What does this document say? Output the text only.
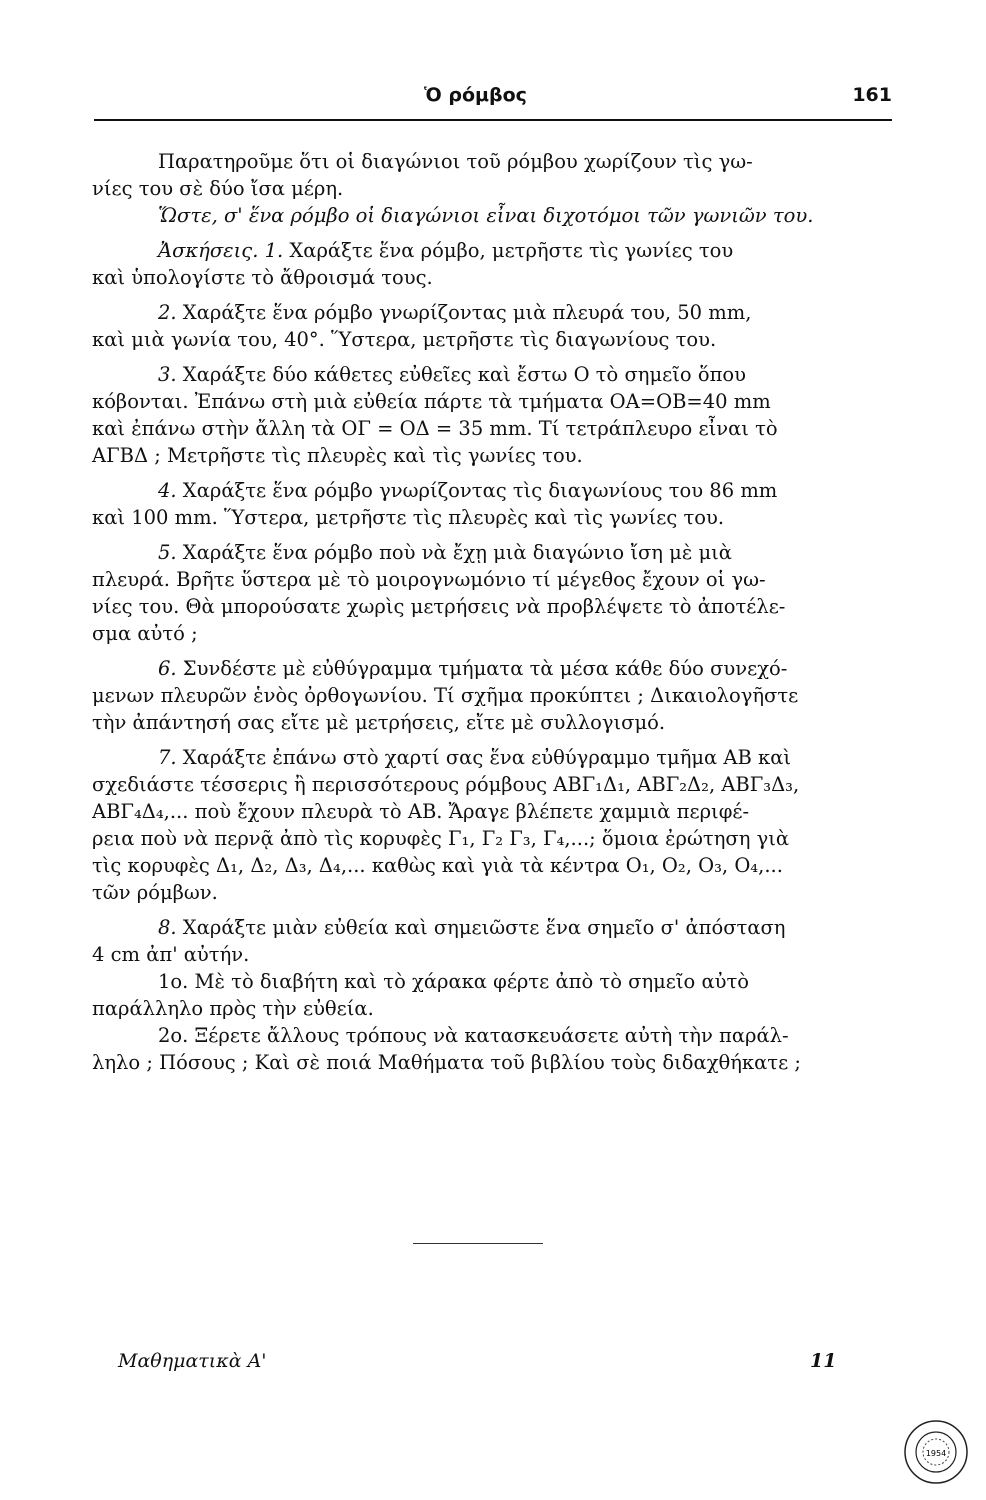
Ὁ ρόμβος	161
Παρατηροῦμε ὅτι οἱ διαγώνιοι τοῦ ρόμβου χωρίζουν τὶς γω-
νίες του σὲ δύο ἴσα μέρη.
Ὥστε, σ' ἕνα ρόμβο οἱ διαγώνιοι εἶναι διχοτόμοι τῶν γωνιῶν του.
Ἀσκήσεις. 1. Χαράξτε ἕνα ρόμβο, μετρῆστε τὶς γωνίες του
καὶ ὑπολογίστε τὸ ἄθροισμά τους.
2. Χαράξτε ἕνα ρόμβο γνωρίζοντας μιὰ πλευρά του, 50 mm,
καὶ μιὰ γωνία του, 40°. Ὕστερα, μετρῆστε τὶς διαγωνίους του.
3. Χαράξτε δύο κάθετες εὐθεῖες καὶ ἔστω Ο τὸ σημεῖο ὅπου
κόβονται. Ἐπάνω στὴ μιὰ εὐθεία πάρτε τὰ τμήματα ΟΑ=ΟΒ=40 mm
καὶ ἐπάνω στὴν ἄλλη τὰ ΟΓ = ΟΔ = 35 mm. Τί τετράπλευρο εἶναι τὸ
ΑΓΒΔ ; Μετρῆστε τὶς πλευρὲς καὶ τὶς γωνίες του.
4. Χαράξτε ἕνα ρόμβο γνωρίζοντας τὶς διαγωνίους του 86 mm
καὶ 100 mm. Ὕστερα, μετρῆστε τὶς πλευρὲς καὶ τὶς γωνίες του.
5. Χαράξτε ἕνα ρόμβο ποὺ νὰ ἔχῃ μιὰ διαγώνιο ἴση μὲ μιὰ
πλευρά. Βρῆτε ὕστερα μὲ τὸ μοιρογνωμόνιο τί μέγεθος ἔχουν οἱ γω-
νίες του. Θὰ μπορούσατε χωρὶς μετρήσεις νὰ προβλέψετε τὸ ἀποτέλε-
σμα αὐτό ;
6. Συνδέστε μὲ εὐθύγραμμα τμήματα τὰ μέσα κάθε δύο συνεχό-
μενων πλευρῶν ἑνὸς ὀρθογωνίου. Τί σχῆμα προκύπτει ; Δικαιολογῆστε
τὴν ἀπάντησή σας εἴτε μὲ μετρήσεις, εἴτε μὲ συλλογισμό.
7. Χαράξτε ἐπάνω στὸ χαρτί σας ἕνα εὐθύγραμμο τμῆμα ΑΒ καὶ
σχεδιάστε τέσσερις ἢ περισσότερους ρόμβους ΑΒΓ₁Δ₁, ΑΒΓ₂Δ₂, ΑΒΓ₃Δ₃,
ΑΒΓ₄Δ₄,... ποὺ ἔχουν πλευρὰ τὸ ΑΒ. Ἄραγε βλέπετε χαμμιὰ περιφέ-
ρεια ποὺ νὰ περνᾷ ἀπὸ τὶς κορυφὲς Γ₁, Γ₂ Γ₃, Γ₄,...; ὅμοια ἐρώτηση γιὰ
τὶς κορυφὲς Δ₁, Δ₂, Δ₃, Δ₄,... καθὼς καὶ γιὰ τὰ κέντρα Ο₁, Ο₂, Ο₃, Ο₄,...
τῶν ρόμβων.
8. Χαράξτε μιὰν εὐθεία καὶ σημειῶστε ἕνα σημεῖο σ' ἀπόσταση
4 cm ἀπ' αὐτήν.
1ο. Μὲ τὸ διαβήτη καὶ τὸ χάρακα φέρτε ἀπὸ τὸ σημεῖο αὐτὸ
παράλληλο πρὸς τὴν εὐθεία.
2ο. Ξέρετε ἄλλους τρόπους νὰ κατασκευάσετε αὐτὴ τὴν παράλ-
ληλο ; Πόσους ; Καὶ σὲ ποιά Μαθήματα τοῦ βιβλίου τοὺς διδαχθήκατε ;
Μαθηματικὰ Α'	11
1954
